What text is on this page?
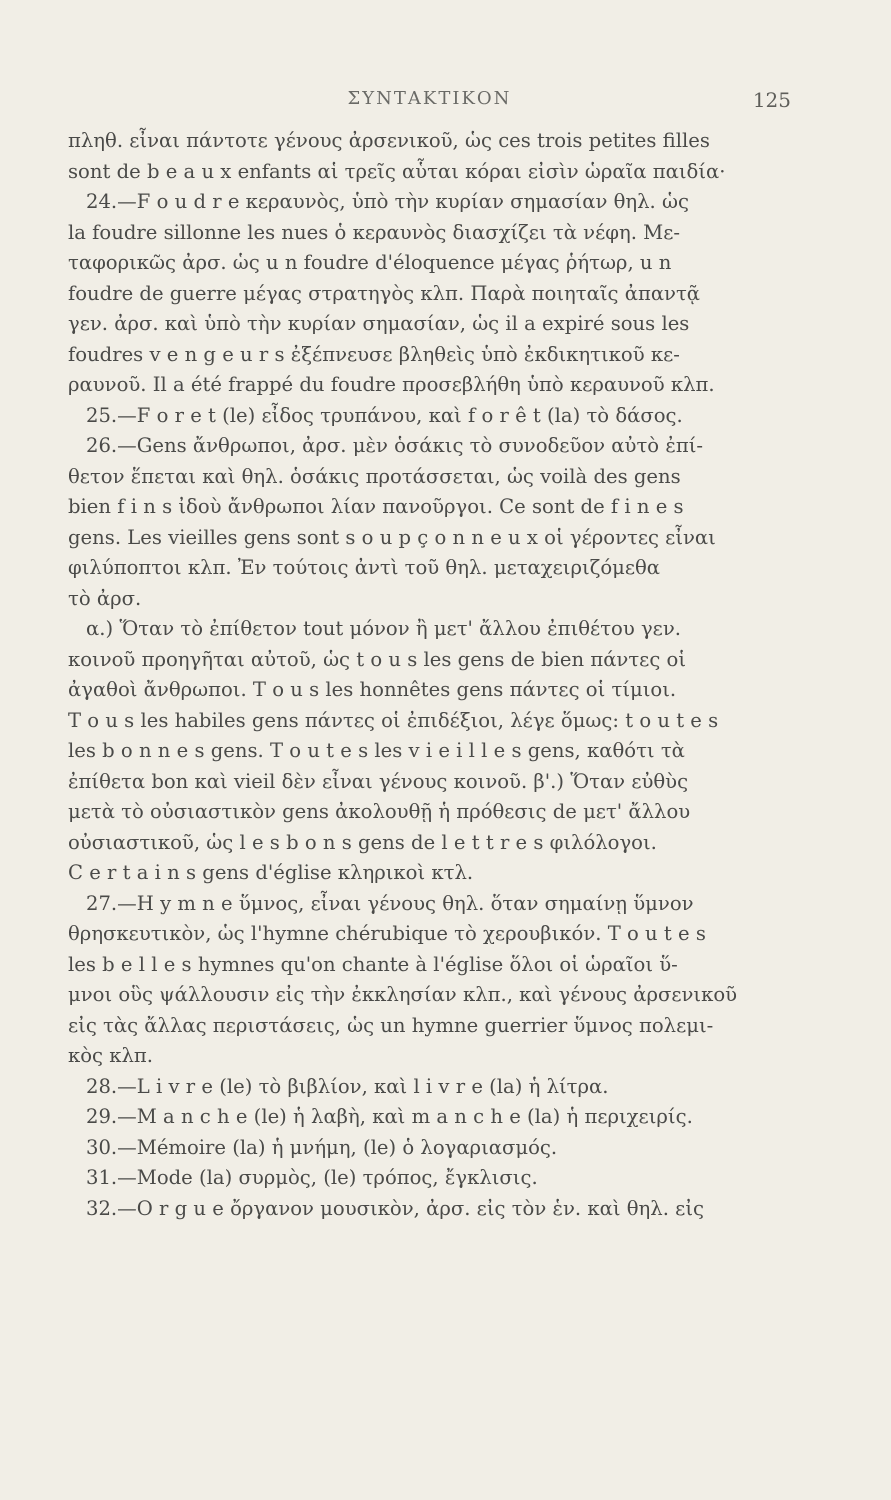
ΣΥΝΤΑΚΤΙΚΟΝ	125
πληθ. εἶναι πάντοτε γένους ἀρσενικοῦ, ὡς ces trois petites filles
sont de b e a u x enfants αἱ τρεῖς αὗται κόραι εἰσὶν ὡραῖα παιδία·
24.—F o u d r e κεραυνὸς, ὑπὸ τὴν κυρίαν σημασίαν θηλ. ὡς
la foudre sillonne les nues ὁ κεραυνὸς διασχίζει τὰ νέφη. Με-
ταφορικῶς ἀρσ. ὡς u n foudre d'éloquence μέγας ῥήτωρ, u n
foudre de guerre μέγας στρατηγὸς κλπ. Παρὰ ποιηταῖς ἀπαντᾷ
γεν. ἀρσ. καὶ ὑπὸ τὴν κυρίαν σημασίαν, ὡς il a expiré sous les
foudres v e n g e u r s ἐξέπνευσε βληθεὶς ὑπὸ ἐκδικητικοῦ κε-
ραυνοῦ. Il a été frappé du foudre προσεβλήθη ὑπὸ κεραυνοῦ κλπ.
25.—F o r e t (le) εἶδος τρυπάνου, καὶ f o r ê t (la) τὸ δάσος.
26.—Gens ἄνθρωποι, ἀρσ. μὲν ὁσάκις τὸ συνοδεῦον αὐτὸ ἐπί-
θετον ἕπεται καὶ θηλ. ὁσάκις προτάσσεται, ὡς voilà des gens
bien f i n s ἰδοὺ ἄνθρωποι λίαν πανοῦργοι. Ce sont de f i n e s
gens. Les vieilles gens sont s o u p ç o n n e u x οἱ γέροντες εἶναι
φιλύποπτοι κλπ. Ἐν τούτοις ἀντὶ τοῦ θηλ. μεταχειριζόμεθα
τὸ ἀρσ.
α.) Ὅταν τὸ ἐπίθετον tout μόνον ἢ μετ' ἄλλου ἐπιθέτου γεν.
κοινοῦ προηγῆται αὐτοῦ, ὡς t o u s les gens de bien πάντες οἱ
ἀγαθοὶ ἄνθρωποι. T o u s les honnêtes gens πάντες οἱ τίμιοι.
T o u s les habiles gens πάντες οἱ ἐπιδέξιοι, λέγε ὅμως: t o u t e s
les b o n n e s gens. T o u t e s les v i e i l l e s gens, καθότι τὰ
ἐπίθετα bon καὶ vieil δὲν εἶναι γένους κοινοῦ. β'.) Ὅταν εὐθὺς
μετὰ τὸ οὐσιαστικὸν gens ἀκολουθῇ ἡ πρόθεσις de μετ' ἄλλου
οὐσιαστικοῦ, ὡς l e s b o n s gens de l e t t r e s φιλόλογοι.
C e r t a i n s gens d'église κληρικοὶ κτλ.
27.—H y m n e ὕμνος, εἶναι γένους θηλ. ὅταν σημαίνῃ ὕμνον
θρησκευτικὸν, ὡς l'hymne chérubique τὸ χερουβικόν. T o u t e s
les b e l l e s hymnes qu'on chante à l'église ὅλοι οἱ ὡραῖοι ὕ-
μνοι οὓς ψάλλουσιν εἰς τὴν ἐκκλησίαν κλπ., καὶ γένους ἀρσενικοῦ
εἰς τὰς ἄλλας περιστάσεις, ὡς un hymne guerrier ὕμνος πολεμι-
κὸς κλπ.
28.—L i v r e (le) τὸ βιβλίον, καὶ l i v r e (la) ἡ λίτρα.
29.—M a n c h e (le) ἡ λαβὴ, καὶ m a n c h e (la) ἡ περιχειρίς.
30.—Mémoire (la) ἡ μνήμη, (le) ὁ λογαριασμός.
31.—Mode (la) συρμὸς, (le) τρόπος, ἔγκλισις.
32.—O r g u e ὄργανον μουσικὸν, ἀρσ. εἰς τὸν ἑν. καὶ θηλ. εἰς
